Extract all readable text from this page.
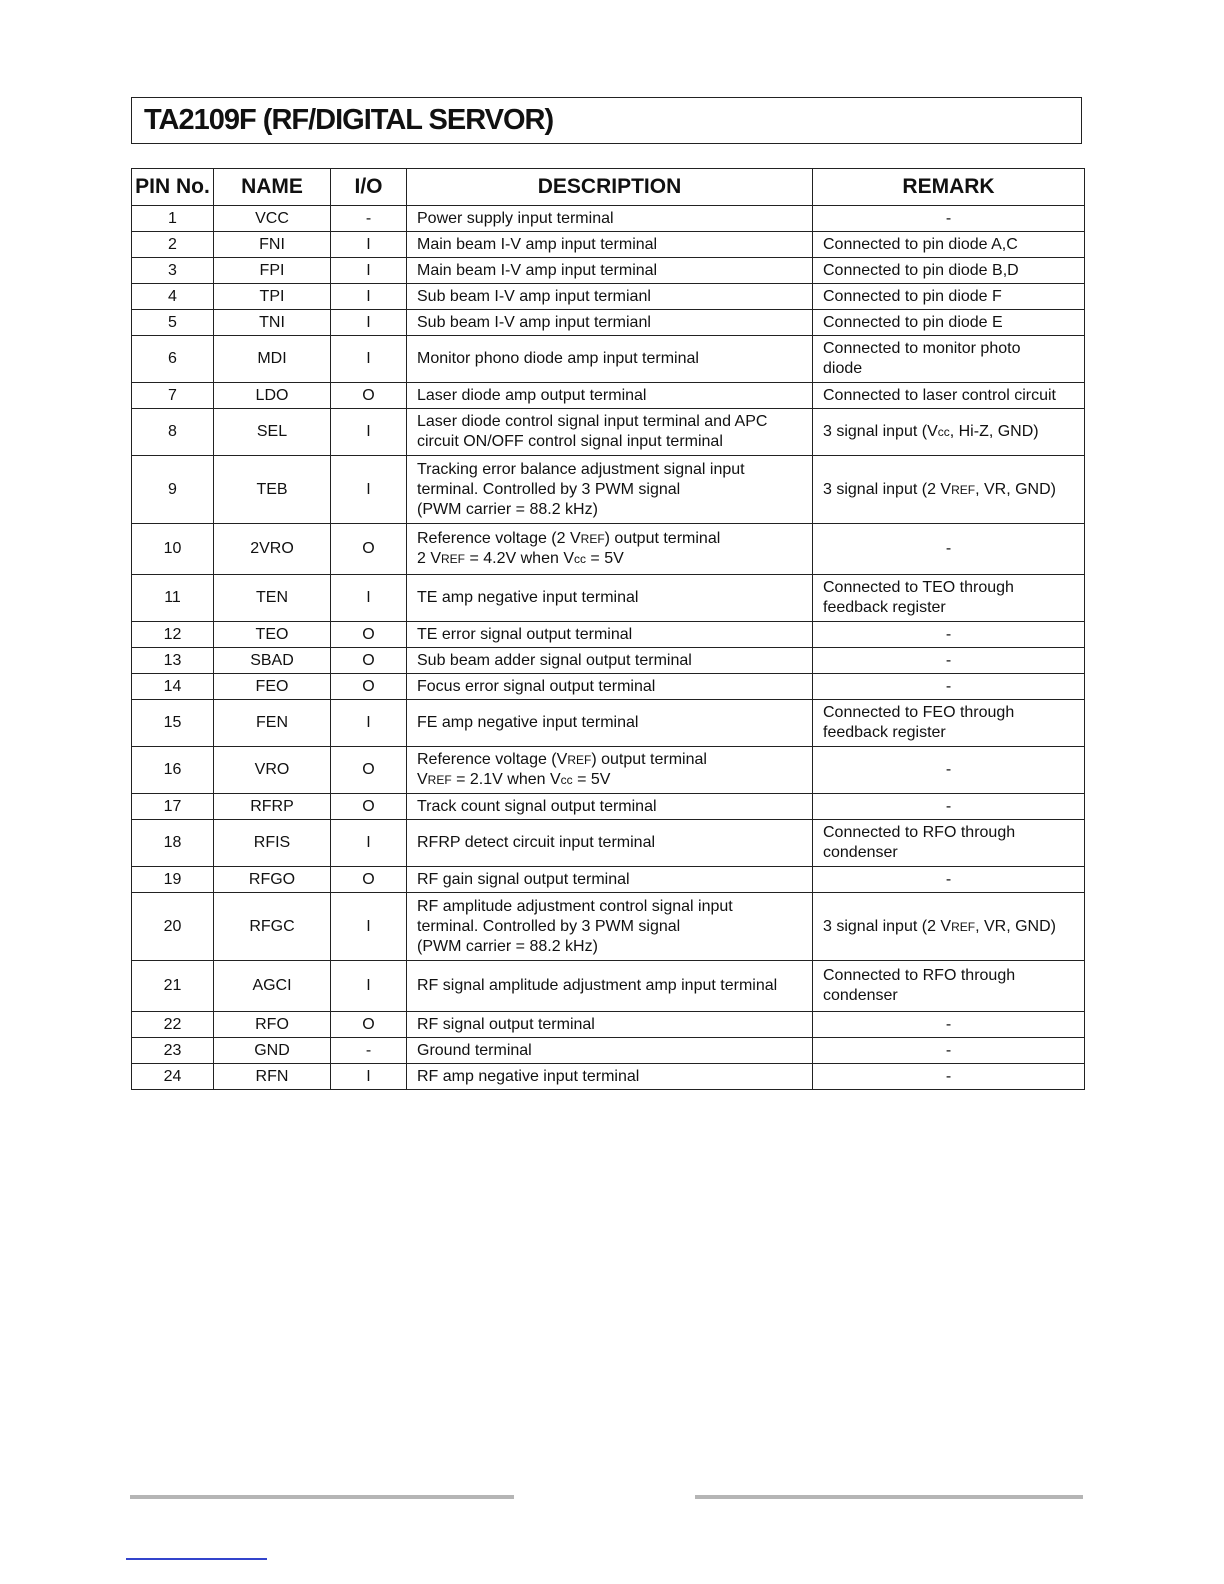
TA2109F (RF/DIGITAL SERVOR)
PIN No.	NAME	I/O	DESCRIPTION	REMARK
1	VCC	-	Power supply input terminal	-

2	FNI	I	Main beam I-V amp input terminal	Connected to pin diode A,C

3	FPI	I	Main beam I-V amp input terminal	Connected to pin diode B,D

4	TPI	I	Sub beam I-V amp input termianl	Connected to pin diode F

5	TNI	I	Sub beam I-V amp input termianl	Connected to pin diode E

6	MDI	I	Monitor phono diode amp input terminal	Connected to monitor photo
diode

7	LDO	O	Laser diode amp output terminal	Connected to laser control circuit

8	SEL	I	Laser diode control signal input terminal and APC
circuit ON/OFF control signal input terminal	3 signal input (Vcc, Hi-Z, GND)

9	TEB	I	Tracking error balance adjustment signal input
terminal. Controlled by 3 PWM signal
(PWM carrier = 88.2 kHz)	3 signal input (2 VREF, VR, GND)

10	2VRO	O	Reference voltage (2 VREF) output terminal
2 VREF = 4.2V when Vcc = 5V	-

11	TEN	I	TE amp negative input terminal	Connected to TEO through
feedback register

12	TEO	O	TE error signal output terminal	-

13	SBAD	O	Sub beam adder signal output terminal	-

14	FEO	O	Focus error signal output terminal	-

15	FEN	I	FE amp negative input terminal	Connected to FEO through
feedback register

16	VRO	O	Reference voltage (VREF) output terminal
VREF = 2.1V when Vcc = 5V	-

17	RFRP	O	Track count signal output terminal	-

18	RFIS	I	RFRP detect circuit input terminal	Connected to RFO through
condenser

19	RFGO	O	RF gain signal output terminal	-

20	RFGC	I	RF amplitude adjustment control signal input
terminal. Controlled by 3 PWM signal
(PWM carrier = 88.2 kHz)	3 signal input (2 VREF, VR, GND)

21	AGCI	I	RF signal amplitude adjustment amp input terminal	Connected to RFO through
condenser

22	RFO	O	RF signal output terminal	-

23	GND	-	Ground terminal	-

24	RFN	I	RF amp negative input terminal	-
